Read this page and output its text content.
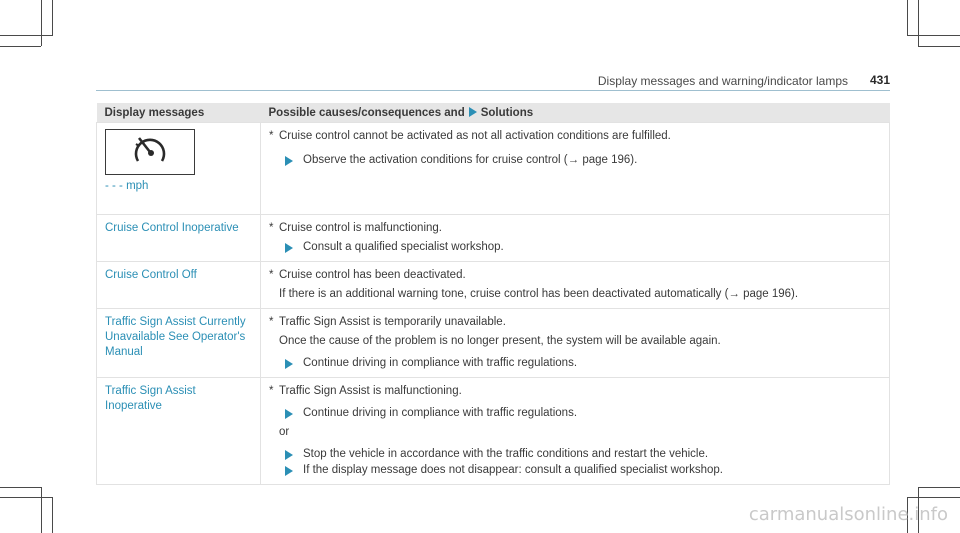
Display messages and warning/indicator lamps 431
Display messages	Possible causes/consequences and Solutions

- - - mph	* Cruise control cannot be activated as not all activation conditions are fulfilled.
Observe the activation conditions for cruise control (→ page 196).

Cruise Control Inoperative	* Cruise control is malfunctioning.
Consult a qualified specialist workshop.

Cruise Control Off	* Cruise control has been deactivated.
If there is an additional warning tone, cruise control has been deactivated automatically (→ page 196).

Traffic Sign Assist Currently Unavailable See Operator's Manual	* Traffic Sign Assist is temporarily unavailable.
Once the cause of the problem is no longer present, the system will be available again.
Continue driving in compliance with traffic regulations.

Traffic Sign Assist Inoperative	* Traffic Sign Assist is malfunctioning.
Continue driving in compliance with traffic regulations.
or
Stop the vehicle in accordance with the traffic conditions and restart the vehicle.
If the display message does not disappear: consult a qualified specialist workshop.
carmanualsonline.info
